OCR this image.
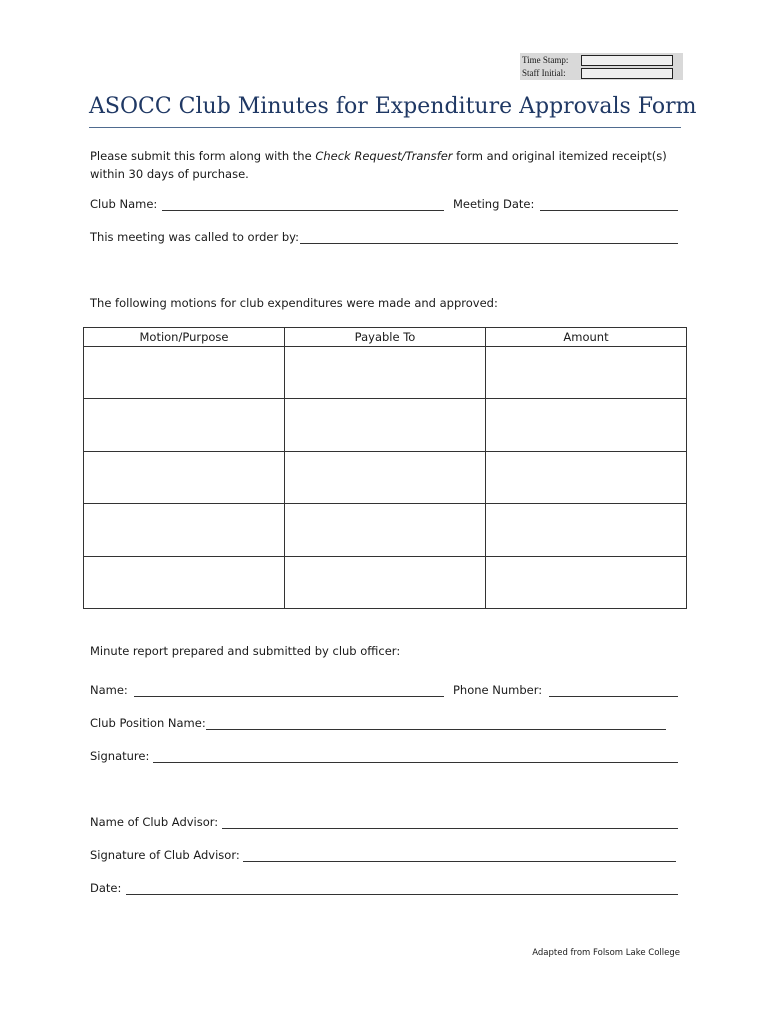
Time Stamp:
Staff Initial:
ASOCC Club Minutes for Expenditure Approvals Form
Please submit this form along with the Check Request/Transfer form and original itemized receipt(s)
within 30 days of purchase.
Club Name:	Meeting Date:
This meeting was called to order by:
The following motions for club expenditures were made and approved:
Motion/Purpose	Payable To	Amount
Minute report prepared and submitted by club officer:
Name:	Phone Number:
Club Position Name:
Signature:
Name of Club Advisor:
Signature of Club Advisor:
Date:
Adapted from Folsom Lake College
